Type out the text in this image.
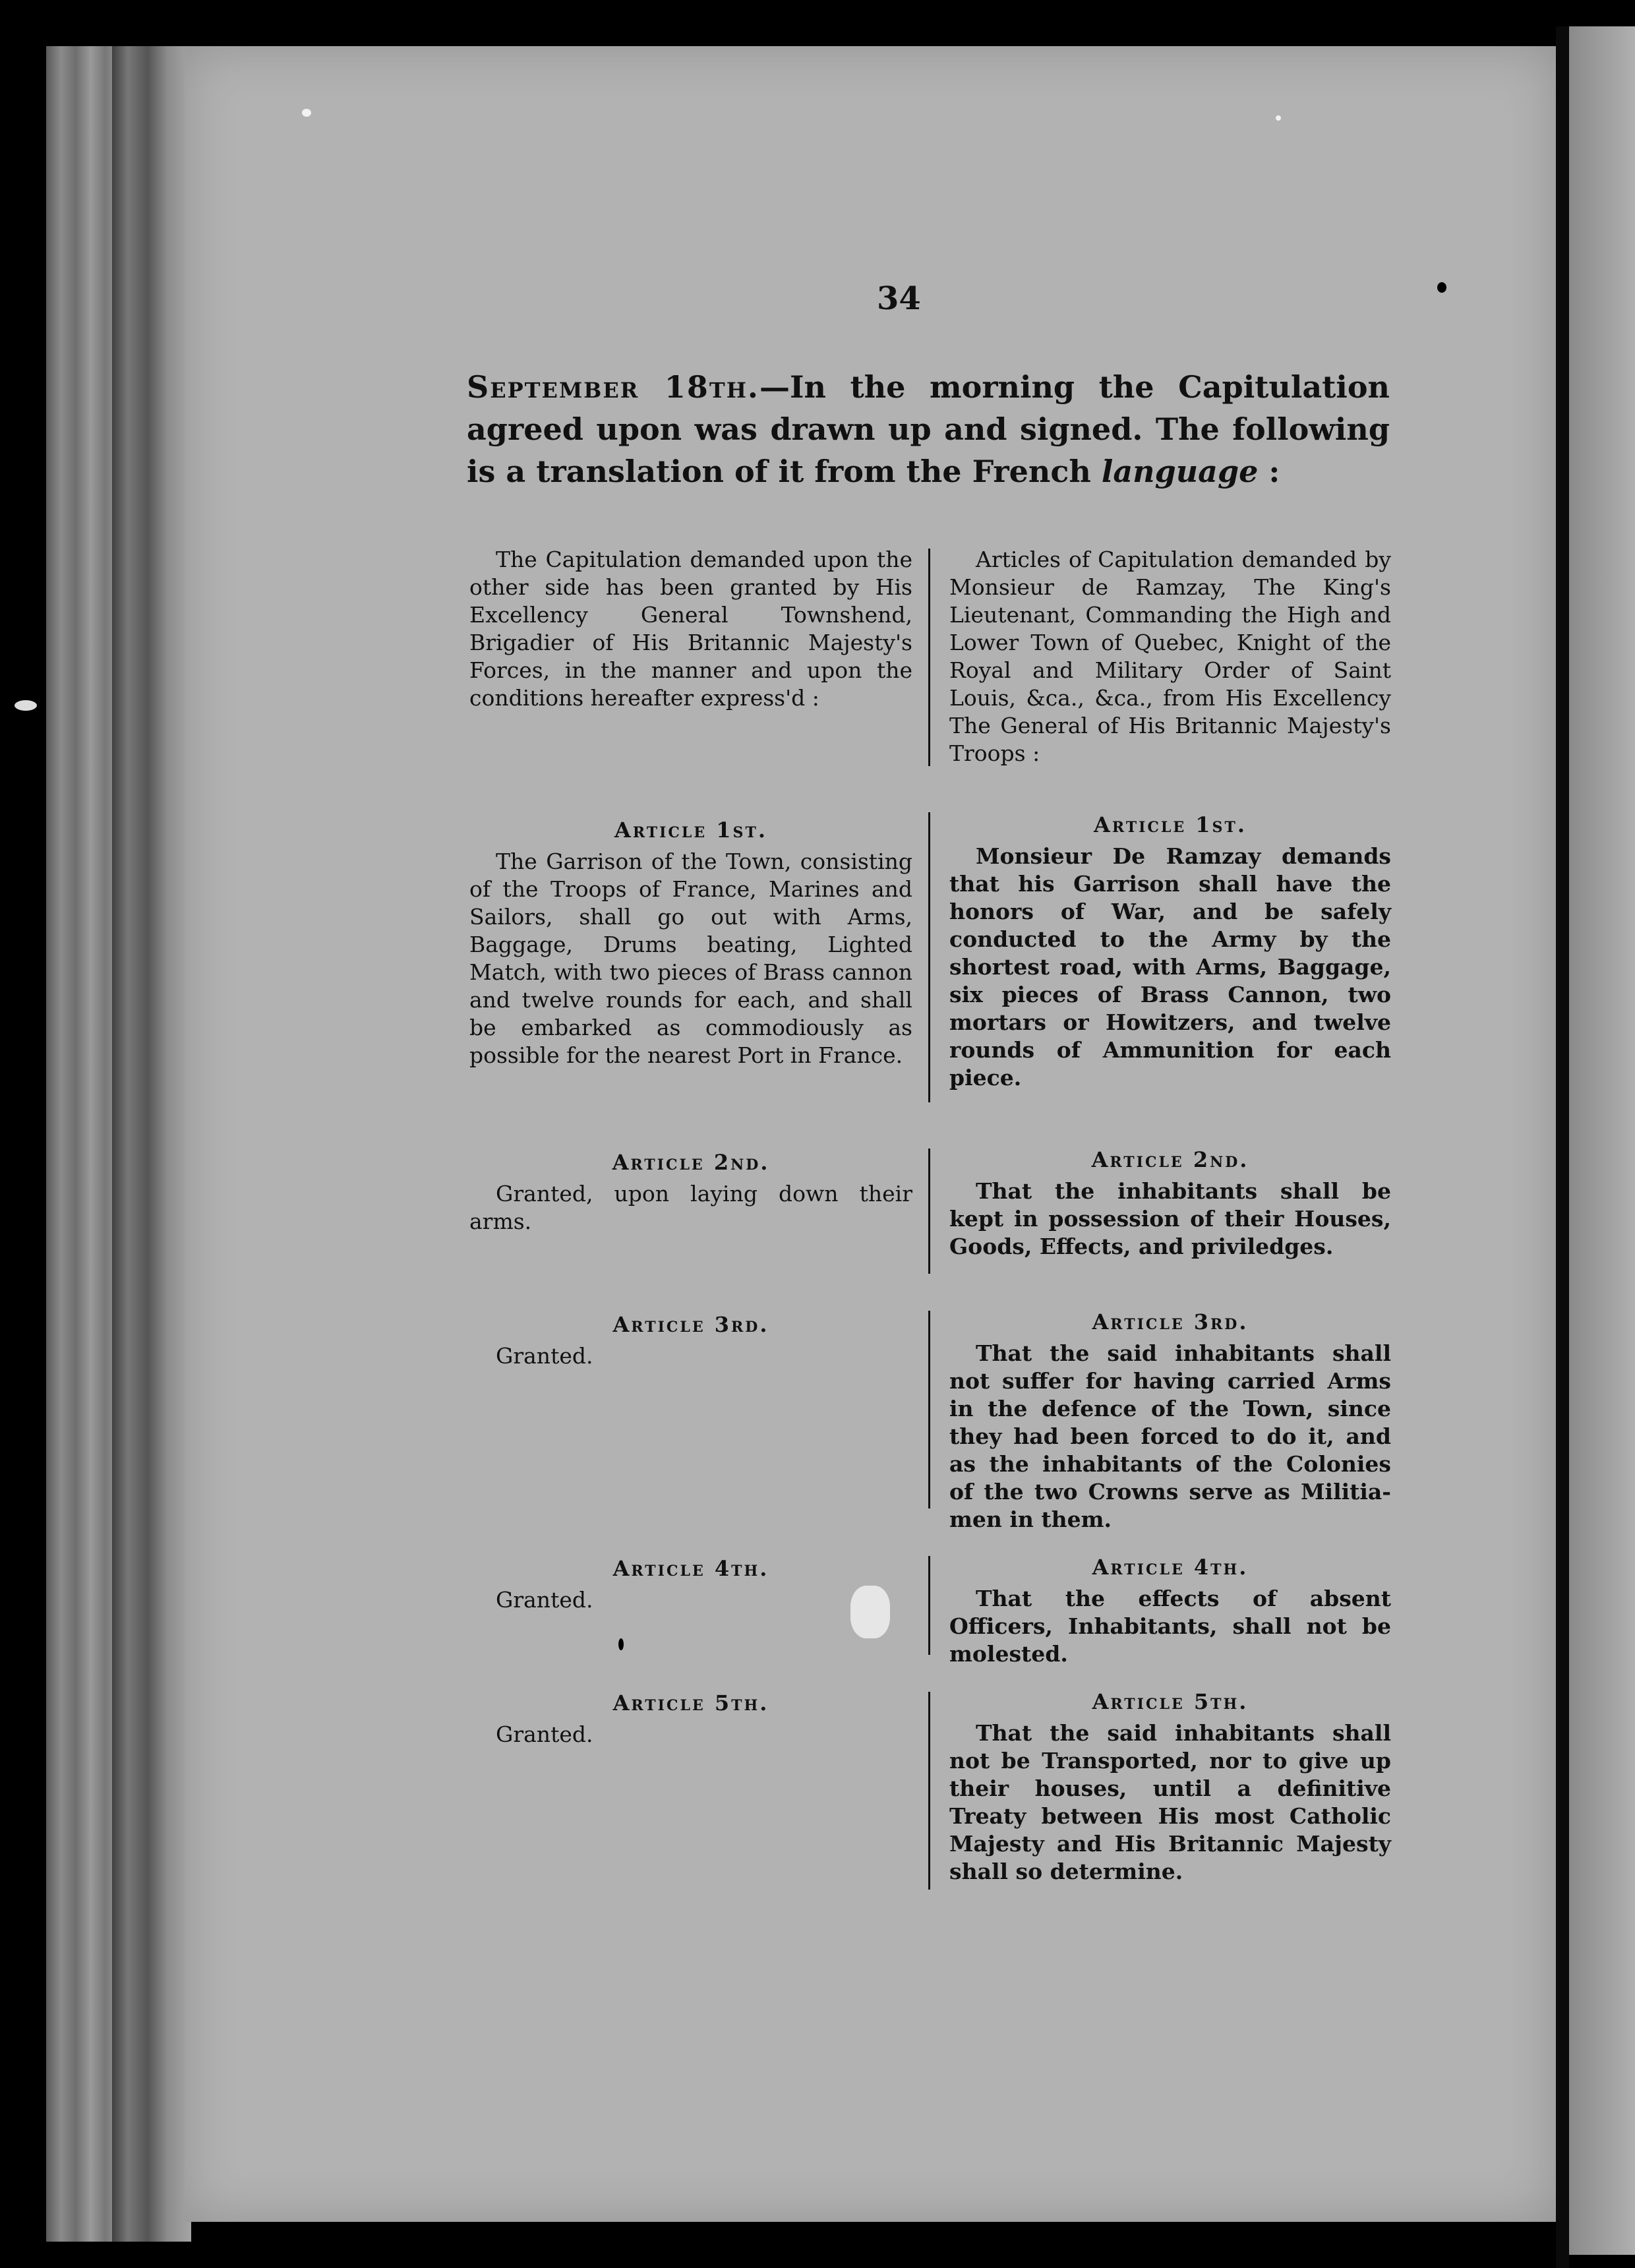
34
September 18th.—In the morning the Capitulation agreed upon was drawn up and signed. The following is a translation of it from the French language :

The Capitulation demanded upon the other side has been granted by His Excellency General Townshend, Brigadier of His Britannic Majesty's Forces, in the manner and upon the conditions hereafter express'd :

Articles of Capitulation demanded by Monsieur de Ramzay, The King's Lieutenant, Commanding the High and Lower Town of Quebec, Knight of the Royal and Military Order of Saint Louis, &ca., &ca., from His Excellency The General of His Britannic Majesty's Troops :

Article 1st.

The Garrison of the Town, consisting of the Troops of France, Marines and Sailors, shall go out with Arms, Baggage, Drums beating, Lighted Match, with two pieces of Brass cannon and twelve rounds for each, and shall be embarked as commodiously as possible for the nearest Port in France.

Article 1st.

Monsieur De Ramzay demands that his Garrison shall have the honors of War, and be safely conducted to the Army by the shortest road, with Arms, Baggage, six pieces of Brass Cannon, two mortars or Howitzers, and twelve rounds of Ammunition for each piece.

Article 2nd.

Granted, upon laying down their arms.

Article 2nd.

That the inhabitants shall be kept in possession of their Houses, Goods, Effects, and priviledges.

Article 3rd.

Granted.

Article 3rd.

That the said inhabitants shall not suffer for having carried Arms in the defence of the Town, since they had been forced to do it, and as the inhabitants of the Colonies of the two Crowns serve as Militia-men in them.

Article 4th.

Granted.

Article 4th.

That the effects of absent Officers, Inhabitants, shall not be molested.

Article 5th.

Granted.

Article 5th.

That the said inhabitants shall not be Transported, nor to give up their houses, until a definitive Treaty between His most Catholic Majesty and His Britannic Majesty shall so determine.
